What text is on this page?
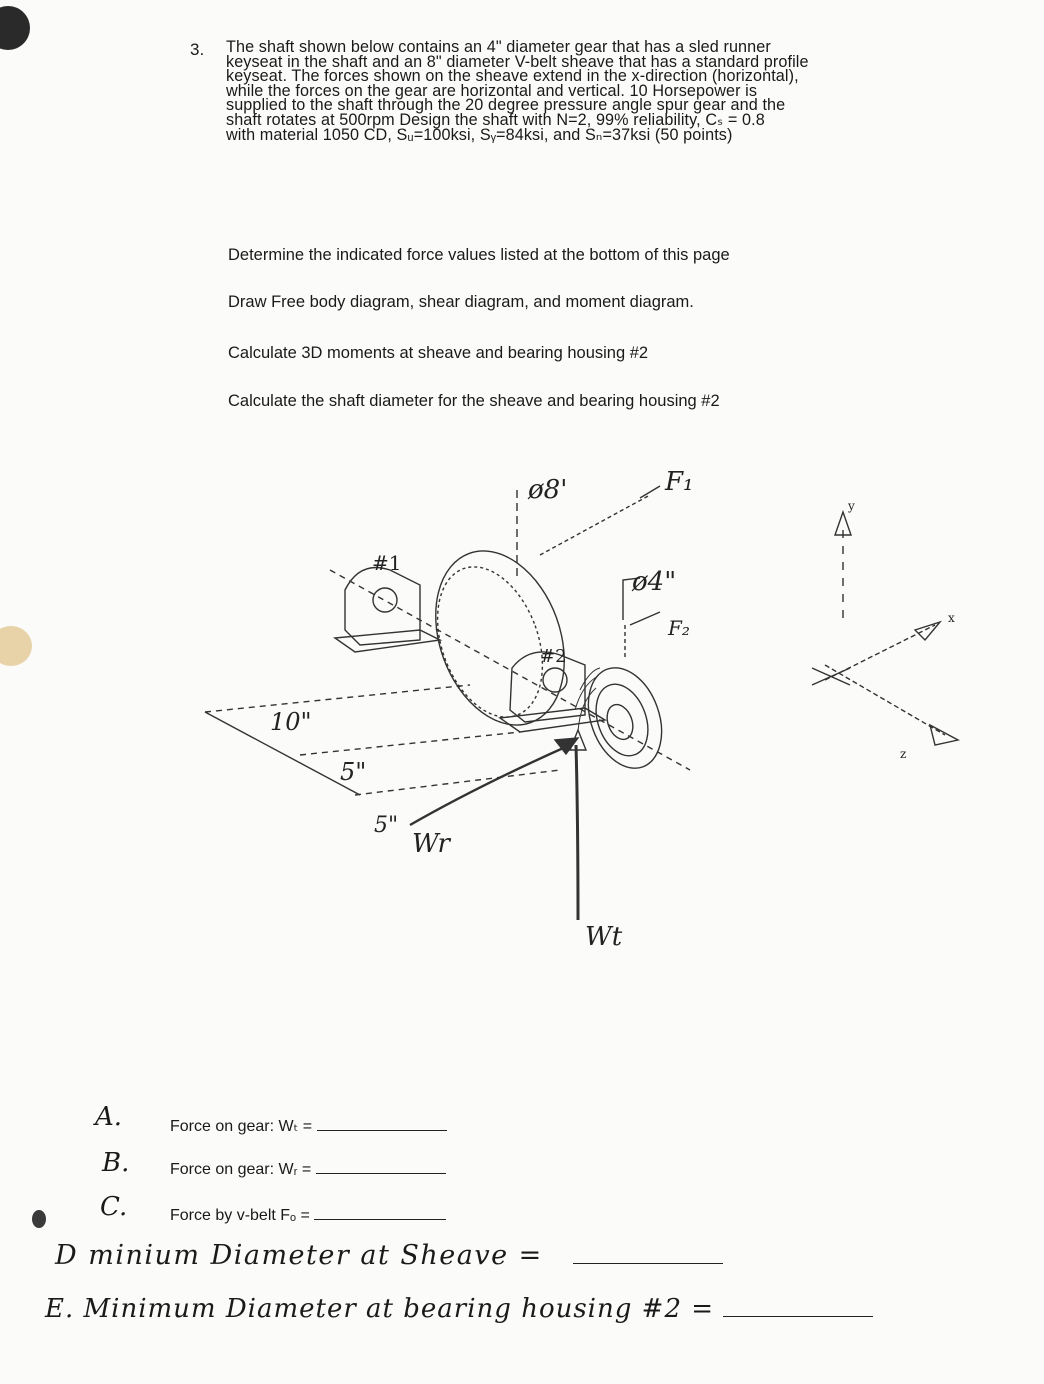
3. The shaft shown below contains an 4" diameter gear that has a sled runner
keyseat in the shaft and an 8" diameter V-belt sheave that has a standard profile
keyseat. The forces shown on the sheave extend in the x-direction (horizontal),
while the forces on the gear are horizontal and vertical. 10 Horsepower is
supplied to the shaft through the 20 degree pressure angle spur gear and the
shaft rotates at 500rpm Design the shaft with N=2, 99% reliability, Cₛ = 0.8
with material 1050 CD, Sᵤ=100ksi, Sᵧ=84ksi, and Sₙ=37ksi (50 points)
Determine the indicated force values listed at the bottom of this page
Draw Free body diagram, shear diagram, and moment diagram.
Calculate 3D moments at sheave and bearing housing #2
Calculate the shaft diameter for the sheave and bearing housing #2
ø8'	F₁
ø4"
F₂
#1
#2
10"
5"
5"
Wr
Wt
y
x
z
A.	Force on gear: Wₜ =
B.	Force on gear: Wᵣ =
C.	Force by v-belt Fₒ =
D minium Diameter at Sheave =
E. Minimum Diameter at bearing housing #2 =
